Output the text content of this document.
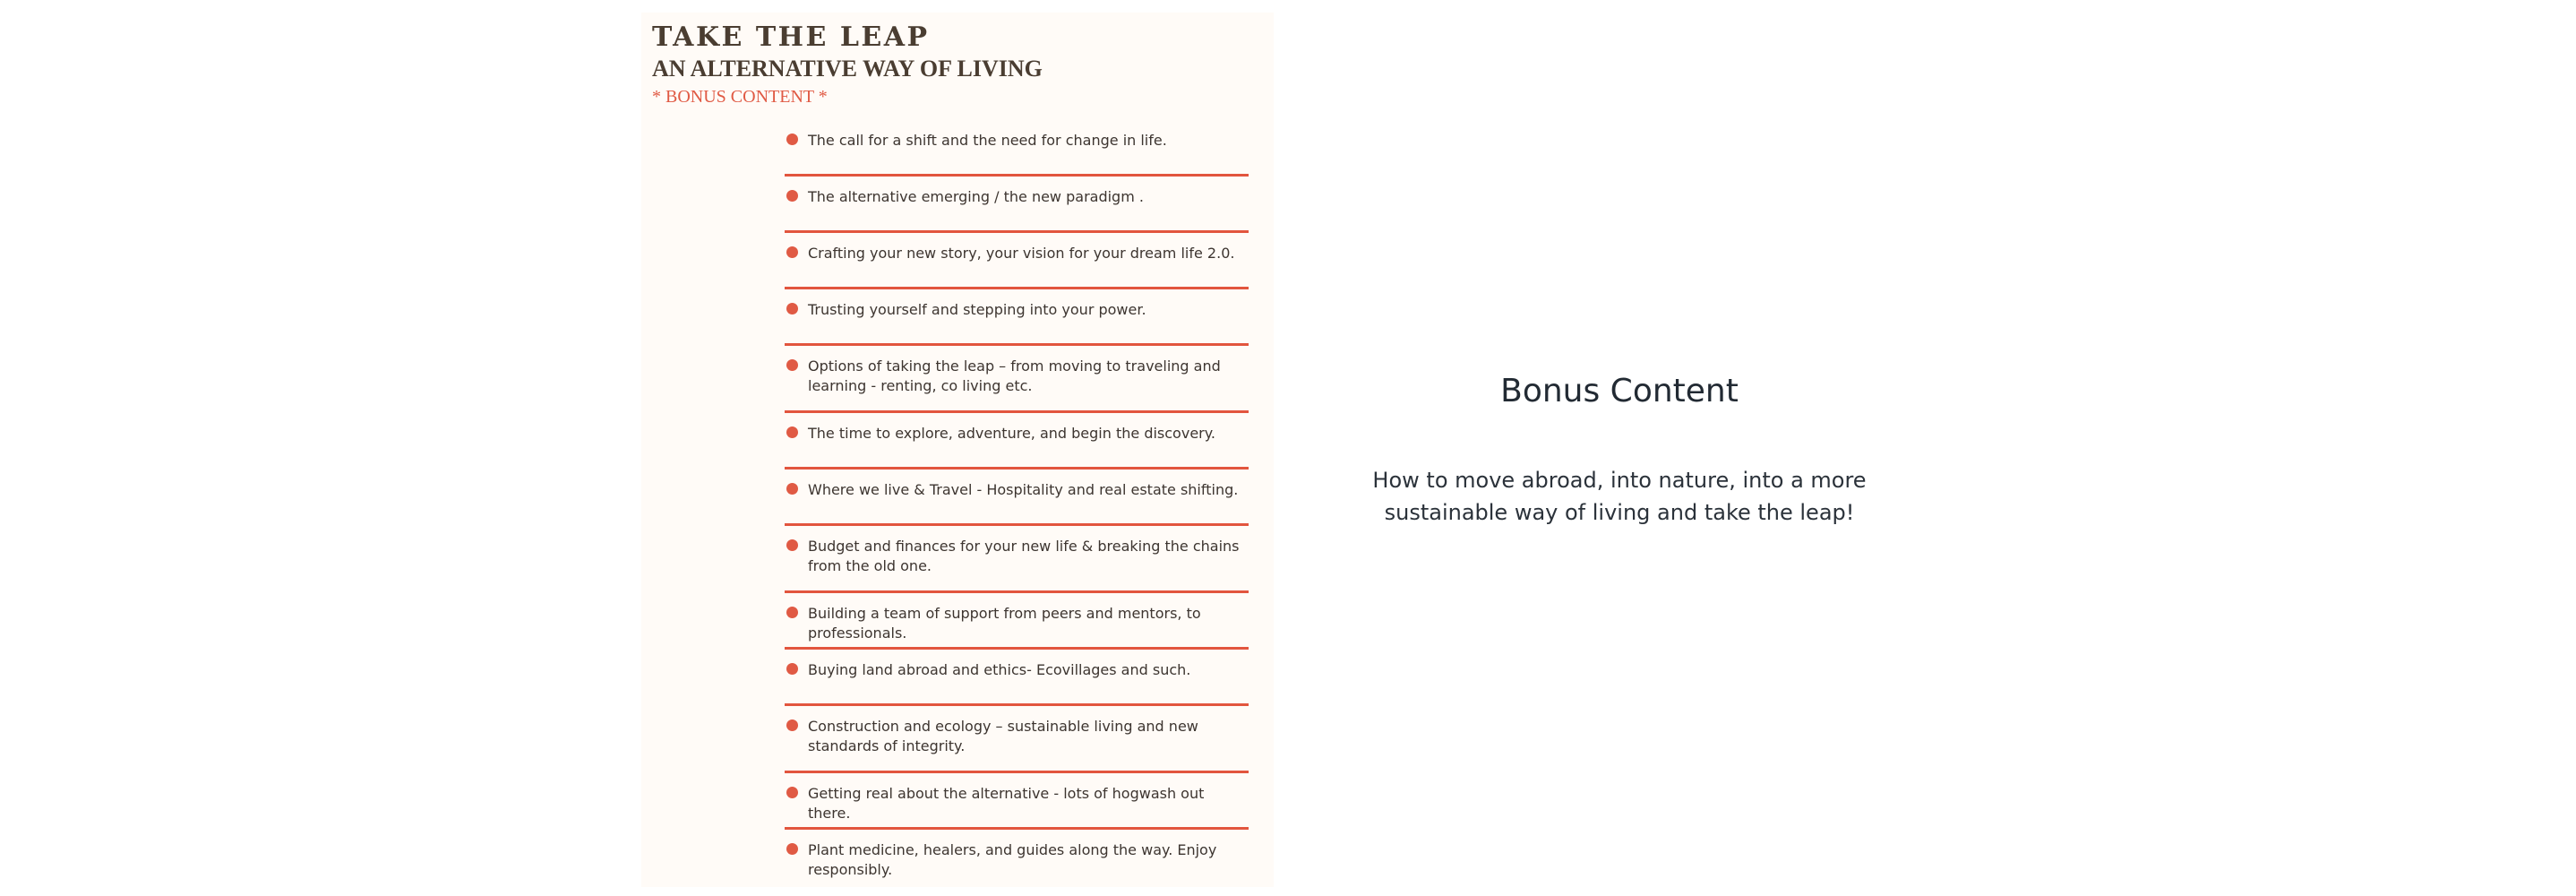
TAKE THE LEAP
AN ALTERNATIVE WAY OF LIVING

* BONUS CONTENT *

The call for a shift and the need for change in life.
The alternative emerging / the new paradigm .
Crafting your new story, your vision for your dream life 2.0.
Trusting yourself and stepping into your power.
Options of taking the leap – from moving to traveling and learning - renting, co living etc.
The time to explore, adventure, and begin the discovery.
Where we live & Travel - Hospitality and real estate shifting.
Budget and finances for your new life & breaking the chains from the old one.
Building a team of support from peers and mentors, to professionals.
Buying land abroad and ethics- Ecovillages and such.
Construction and ecology – sustainable living and new standards of integrity.
Getting real about the alternative - lots of hogwash out there.
Plant medicine, healers, and guides along the way. Enjoy responsibly.
Bonus Content

How to move abroad, into nature, into a more sustainable way of living and take the leap!
